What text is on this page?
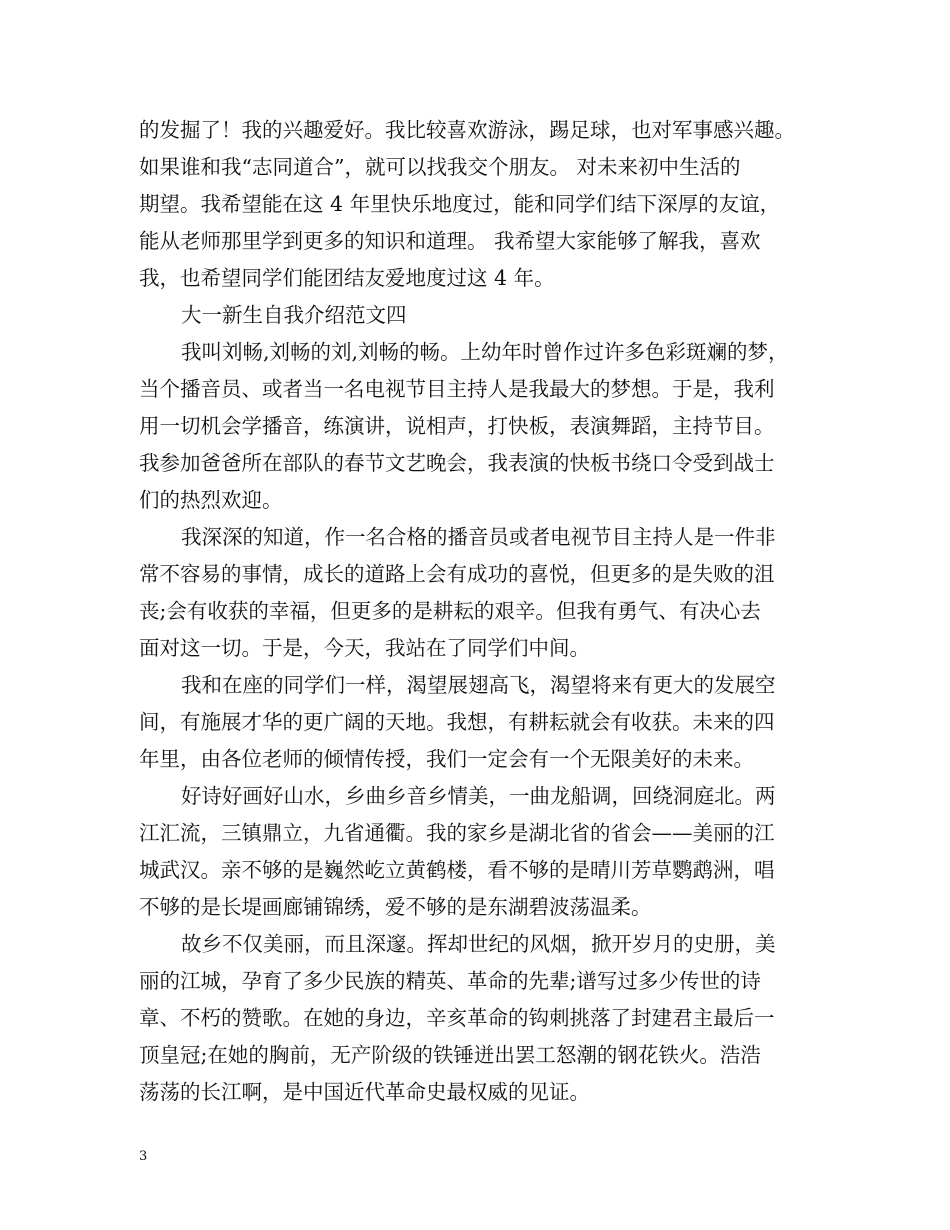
的发掘了！我的兴趣爱好。我比较喜欢游泳，踢足球，也对军事感兴趣。
如果谁和我“志同道合”，就可以找我交个朋友。 对未来初中生活的
期望。我希望能在这 4 年里快乐地度过，能和同学们结下深厚的友谊，
能从老师那里学到更多的知识和道理。 我希望大家能够了解我，喜欢
我，也希望同学们能团结友爱地度过这 4 年。
大一新生自我介绍范文四
我叫刘畅,刘畅的刘,刘畅的畅。上幼年时曾作过许多色彩斑斓的梦，
当个播音员、或者当一名电视节目主持人是我最大的梦想。于是，我利
用一切机会学播音，练演讲，说相声，打快板，表演舞蹈，主持节目。
我参加爸爸所在部队的春节文艺晚会，我表演的快板书绕口令受到战士
们的热烈欢迎。
我深深的知道，作一名合格的播音员或者电视节目主持人是一件非
常不容易的事情，成长的道路上会有成功的喜悦，但更多的是失败的沮
丧;会有收获的幸福，但更多的是耕耘的艰辛。但我有勇气、有决心去
面对这一切。于是，今天，我站在了同学们中间。
我和在座的同学们一样，渴望展翅高飞，渴望将来有更大的发展空
间，有施展才华的更广阔的天地。我想，有耕耘就会有收获。未来的四
年里，由各位老师的倾情传授，我们一定会有一个无限美好的未来。
好诗好画好山水，乡曲乡音乡情美，一曲龙船调，回绕洞庭北。两
江汇流，三镇鼎立，九省通衢。我的家乡是湖北省的省会——美丽的江
城武汉。亲不够的是巍然屹立黄鹤楼，看不够的是晴川芳草鹦鹉洲，唱
不够的是长堤画廊铺锦绣，爱不够的是东湖碧波荡温柔。
故乡不仅美丽，而且深邃。挥却世纪的风烟，掀开岁月的史册，美
丽的江城，孕育了多少民族的精英、革命的先辈;谱写过多少传世的诗
章、不朽的赞歌。在她的身边，辛亥革命的钩刺挑落了封建君主最后一
顶皇冠;在她的胸前，无产阶级的铁锤迸出罢工怒潮的钢花铁火。浩浩
荡荡的长江啊，是中国近代革命史最权威的见证。
3
